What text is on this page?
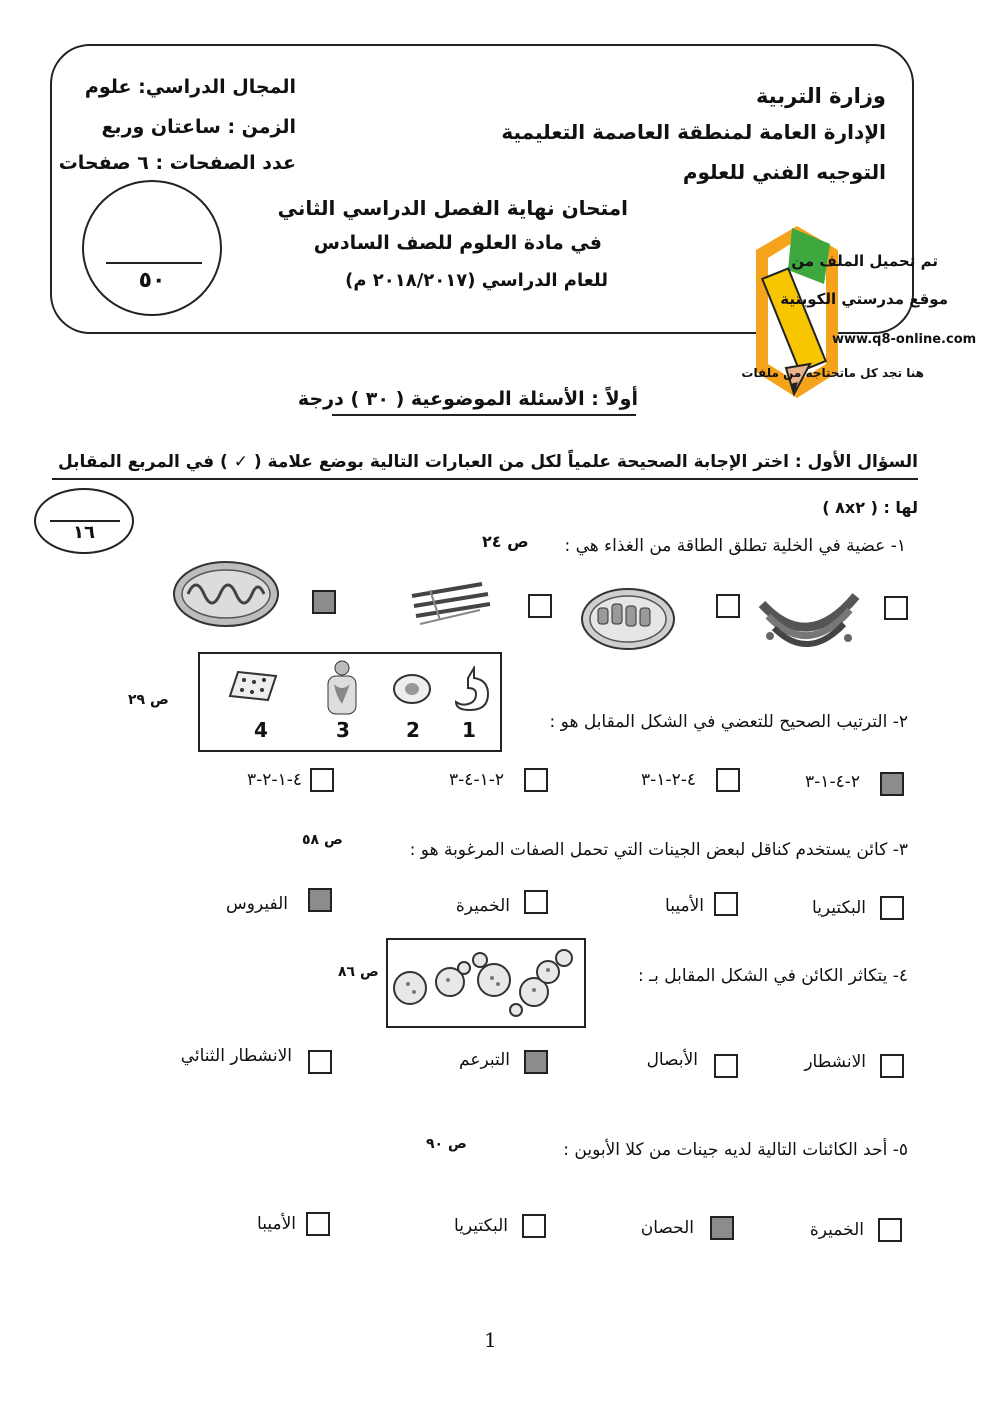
وزارة التربية
الإدارة العامة لمنطقة العاصمة التعليمية
التوجيه الفني للعلوم
المجال الدراسي: علوم
الزمن : ساعتان وربع
عدد الصفحات : ٦ صفحات
امتحان نهاية الفصل الدراسي الثاني
في مادة العلوم للصف السادس
للعام الدراسي (٢٠١٨/٢٠١٧ م)
٥٠
تم تحميل الملف من
موقع مدرستي الكويتية
www.q8-online.com
هنا تجد كل ماتحتاجه من ملفات
أولاً : الأسئلة الموضوعية ( ٣٠ ) درجة
السؤال الأول : اختر الإجابة الصحيحة علمياً لكل من العبارات التالية بوضع علامة ( ✓ ) في المربع المقابل
لها : ( ٨x٢ )
١٦
١- عضية في الخلية تطلق الطاقة من الغذاء هي :
ص ٢٤
4	3	2 1
ص ٢٩
٢- الترتيب الصحيح للتعضي في الشكل المقابل هو :
٢-٤-١-٣
٤-٢-١-٣
٢-١-٤-٣
٤-١-٢-٣
٣- كائن يستخدم كناقل لبعض الجينات التي تحمل الصفات المرغوبة هو :
ص ٥٨
البكتيريا
الأميبا
الخميرة
الفيروس
ص ٨٦	٤- يتكاثر الكائن في الشكل المقابل بـ :
الانشطار
الأبصال
التبرعم
الانشطار الثنائي
٥- أحد الكائنات التالية لديه جينات من كلا الأبوين :
ص ٩٠
الخميرة
الحصان
البكتيريا
الأميبا
1
